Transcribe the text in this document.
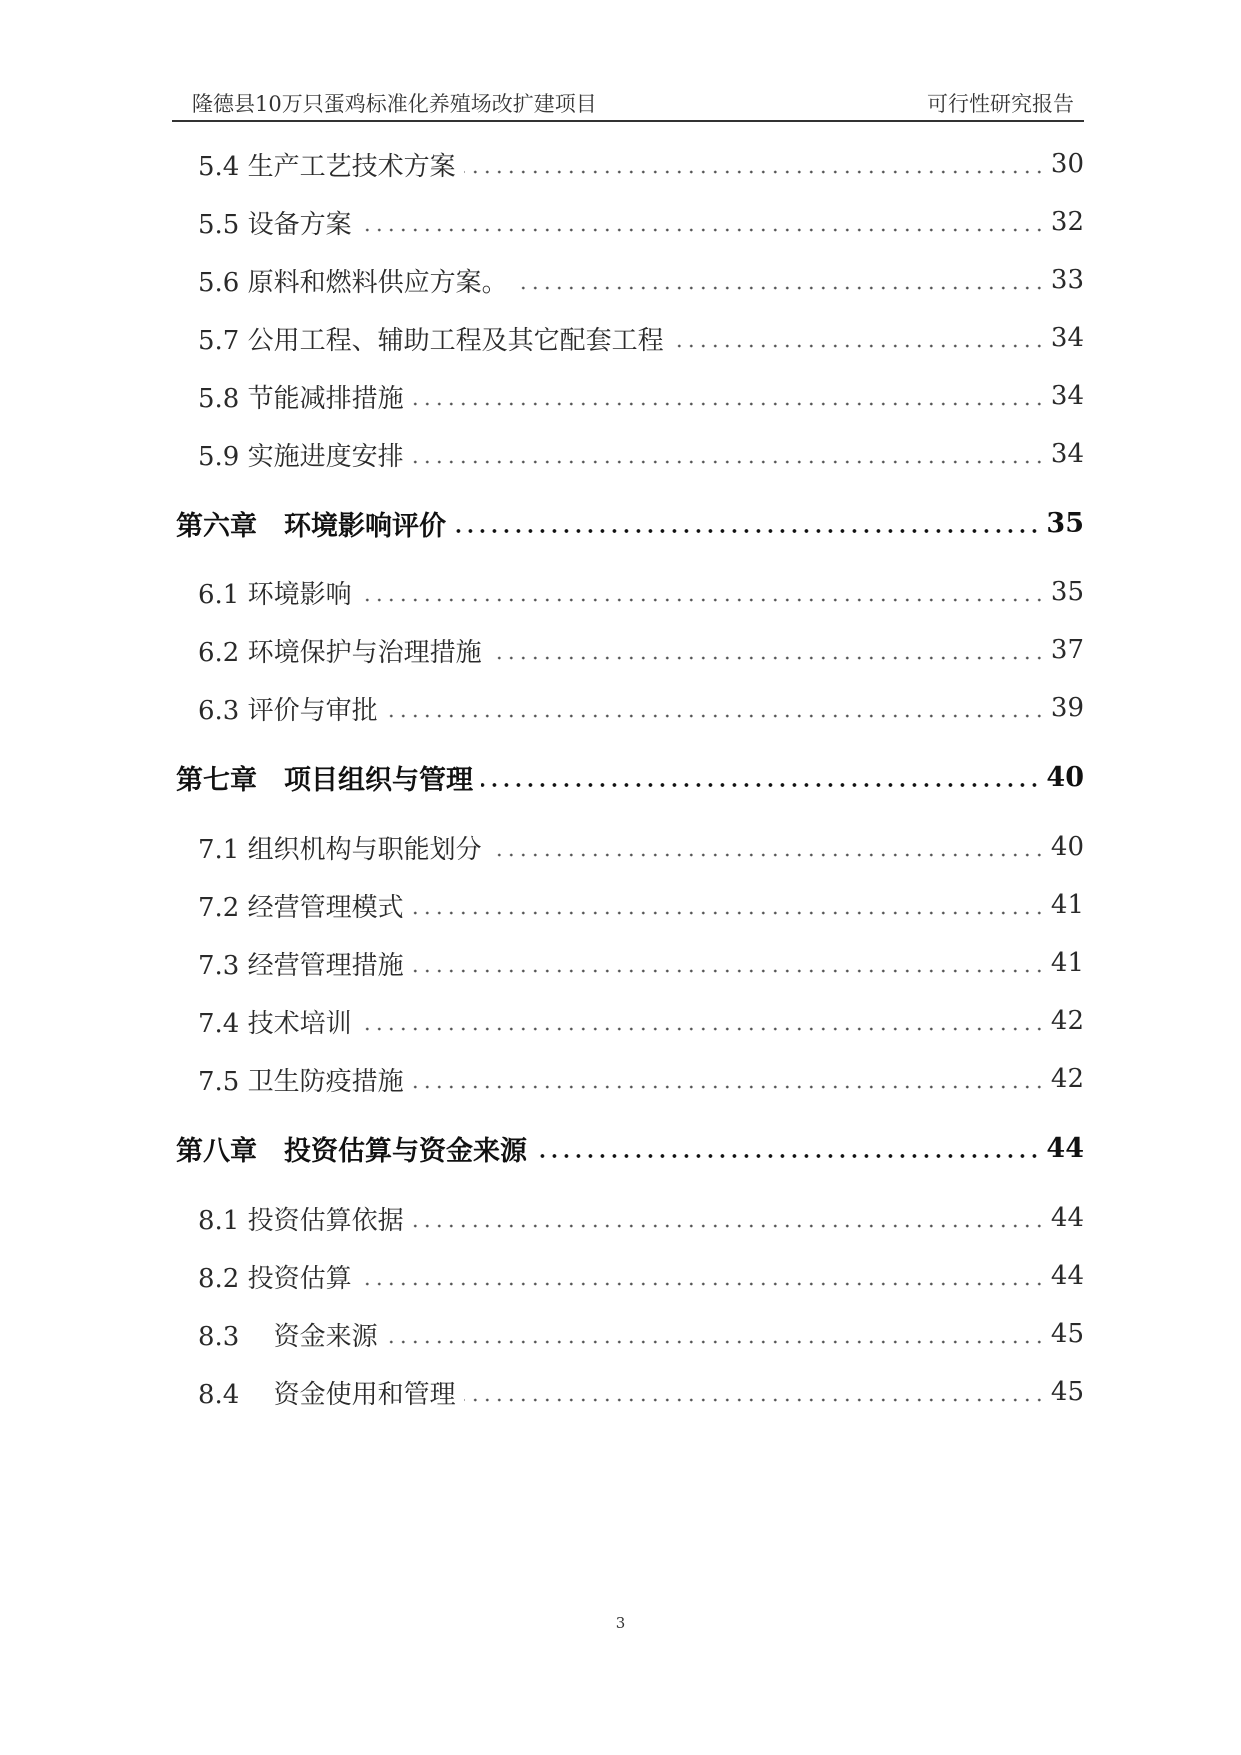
隆德县10万只蛋鸡标准化养殖场改扩建项目	可行性研究报告
5.4 生产工艺技术方案	30
5.5 设备方案	32
5.6 原料和燃料供应方案。	33
5.7 公用工程、辅助工程及其它配套工程	34
5.8 节能减排措施	34
5.9 实施进度安排	34
第六章　环境影响评价	35
6.1 环境影响	35
6.2 环境保护与治理措施	37
6.3 评价与审批	39
第七章　项目组织与管理	40
7.1 组织机构与职能划分	40
7.2 经营管理模式	41
7.3 经营管理措施	41
7.4 技术培训	42
7.5 卫生防疫措施	42
第八章　投资估算与资金来源	44
8.1 投资估算依据	44
8.2 投资估算	44
8.3　 资金来源	45
8.4　 资金使用和管理	45
3
